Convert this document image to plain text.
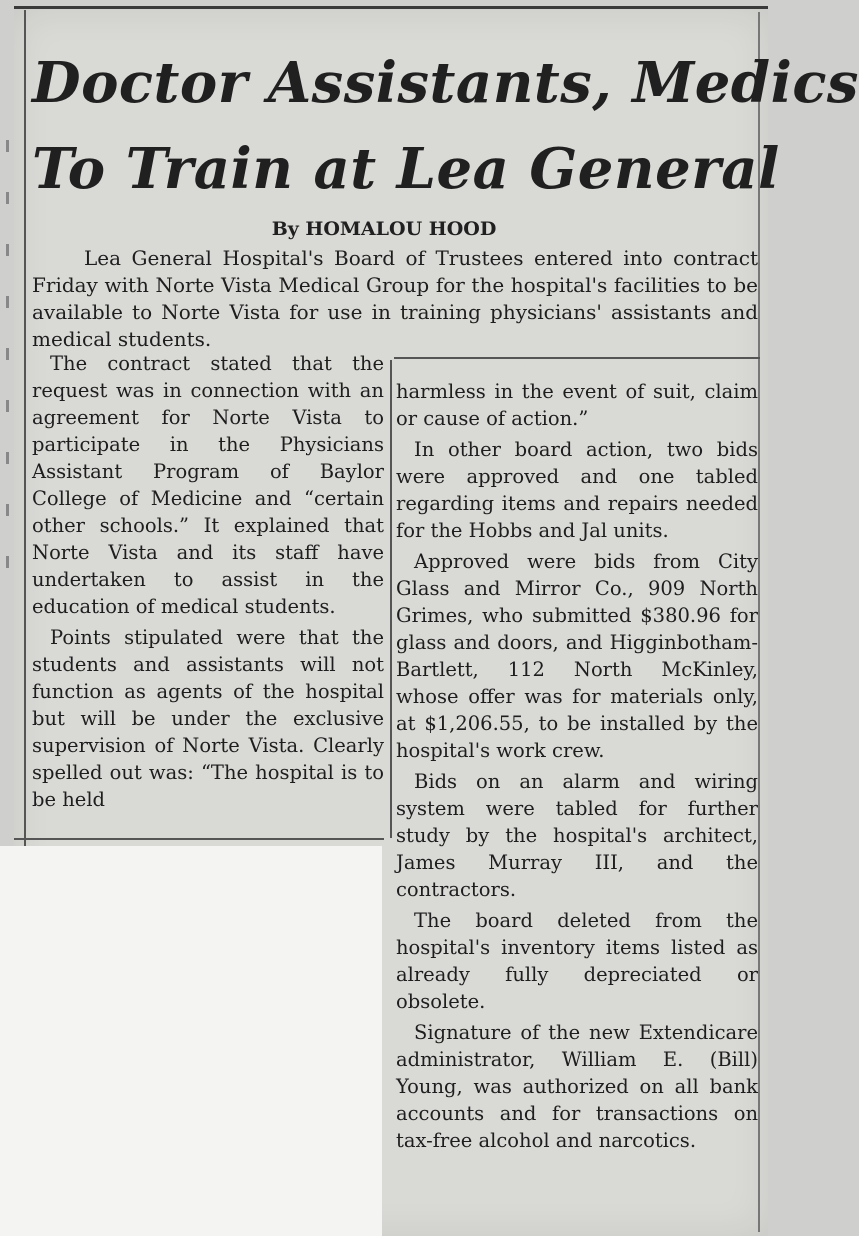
Doctor Assistants, Medics
To Train at Lea General
By HOMALOU HOOD

Lea General Hospital's Board of Trustees entered into contract Friday with Norte Vista Medical Group for the hospital's facilities to be available to Norte Vista for use in training physicians' assistants and medical students.

The contract stated that the request was in connection with an agreement for Norte Vista to participate in the Physicians Assistant Program of Baylor College of Medicine and “certain other schools.” It explained that Norte Vista and its staff have undertaken to assist in the education of medical students.

Points stipulated were that the students and assistants will not function as agents of the hospital but will be under the exclusive supervision of Norte Vista. Clearly spelled out was: “The hospital is to be held

harmless in the event of suit, claim or cause of action.”

In other board action, two bids were approved and one tabled regarding items and repairs needed for the Hobbs and Jal units.

Approved were bids from City Glass and Mirror Co., 909 North Grimes, who submitted $380.96 for glass and doors, and Higginbotham-Bartlett, 112 North McKinley, whose offer was for materials only, at $1,206.55, to be installed by the hospital's work crew.

Bids on an alarm and wiring system were tabled for further study by the hospital's architect, James Murray III, and the contractors.

The board deleted from the hospital's inventory items listed as already fully depreciated or obsolete.

Signature of the new Extendicare administrator, William E. (Bill) Young, was authorized on all bank accounts and for transactions on tax-free alcohol and narcotics.
